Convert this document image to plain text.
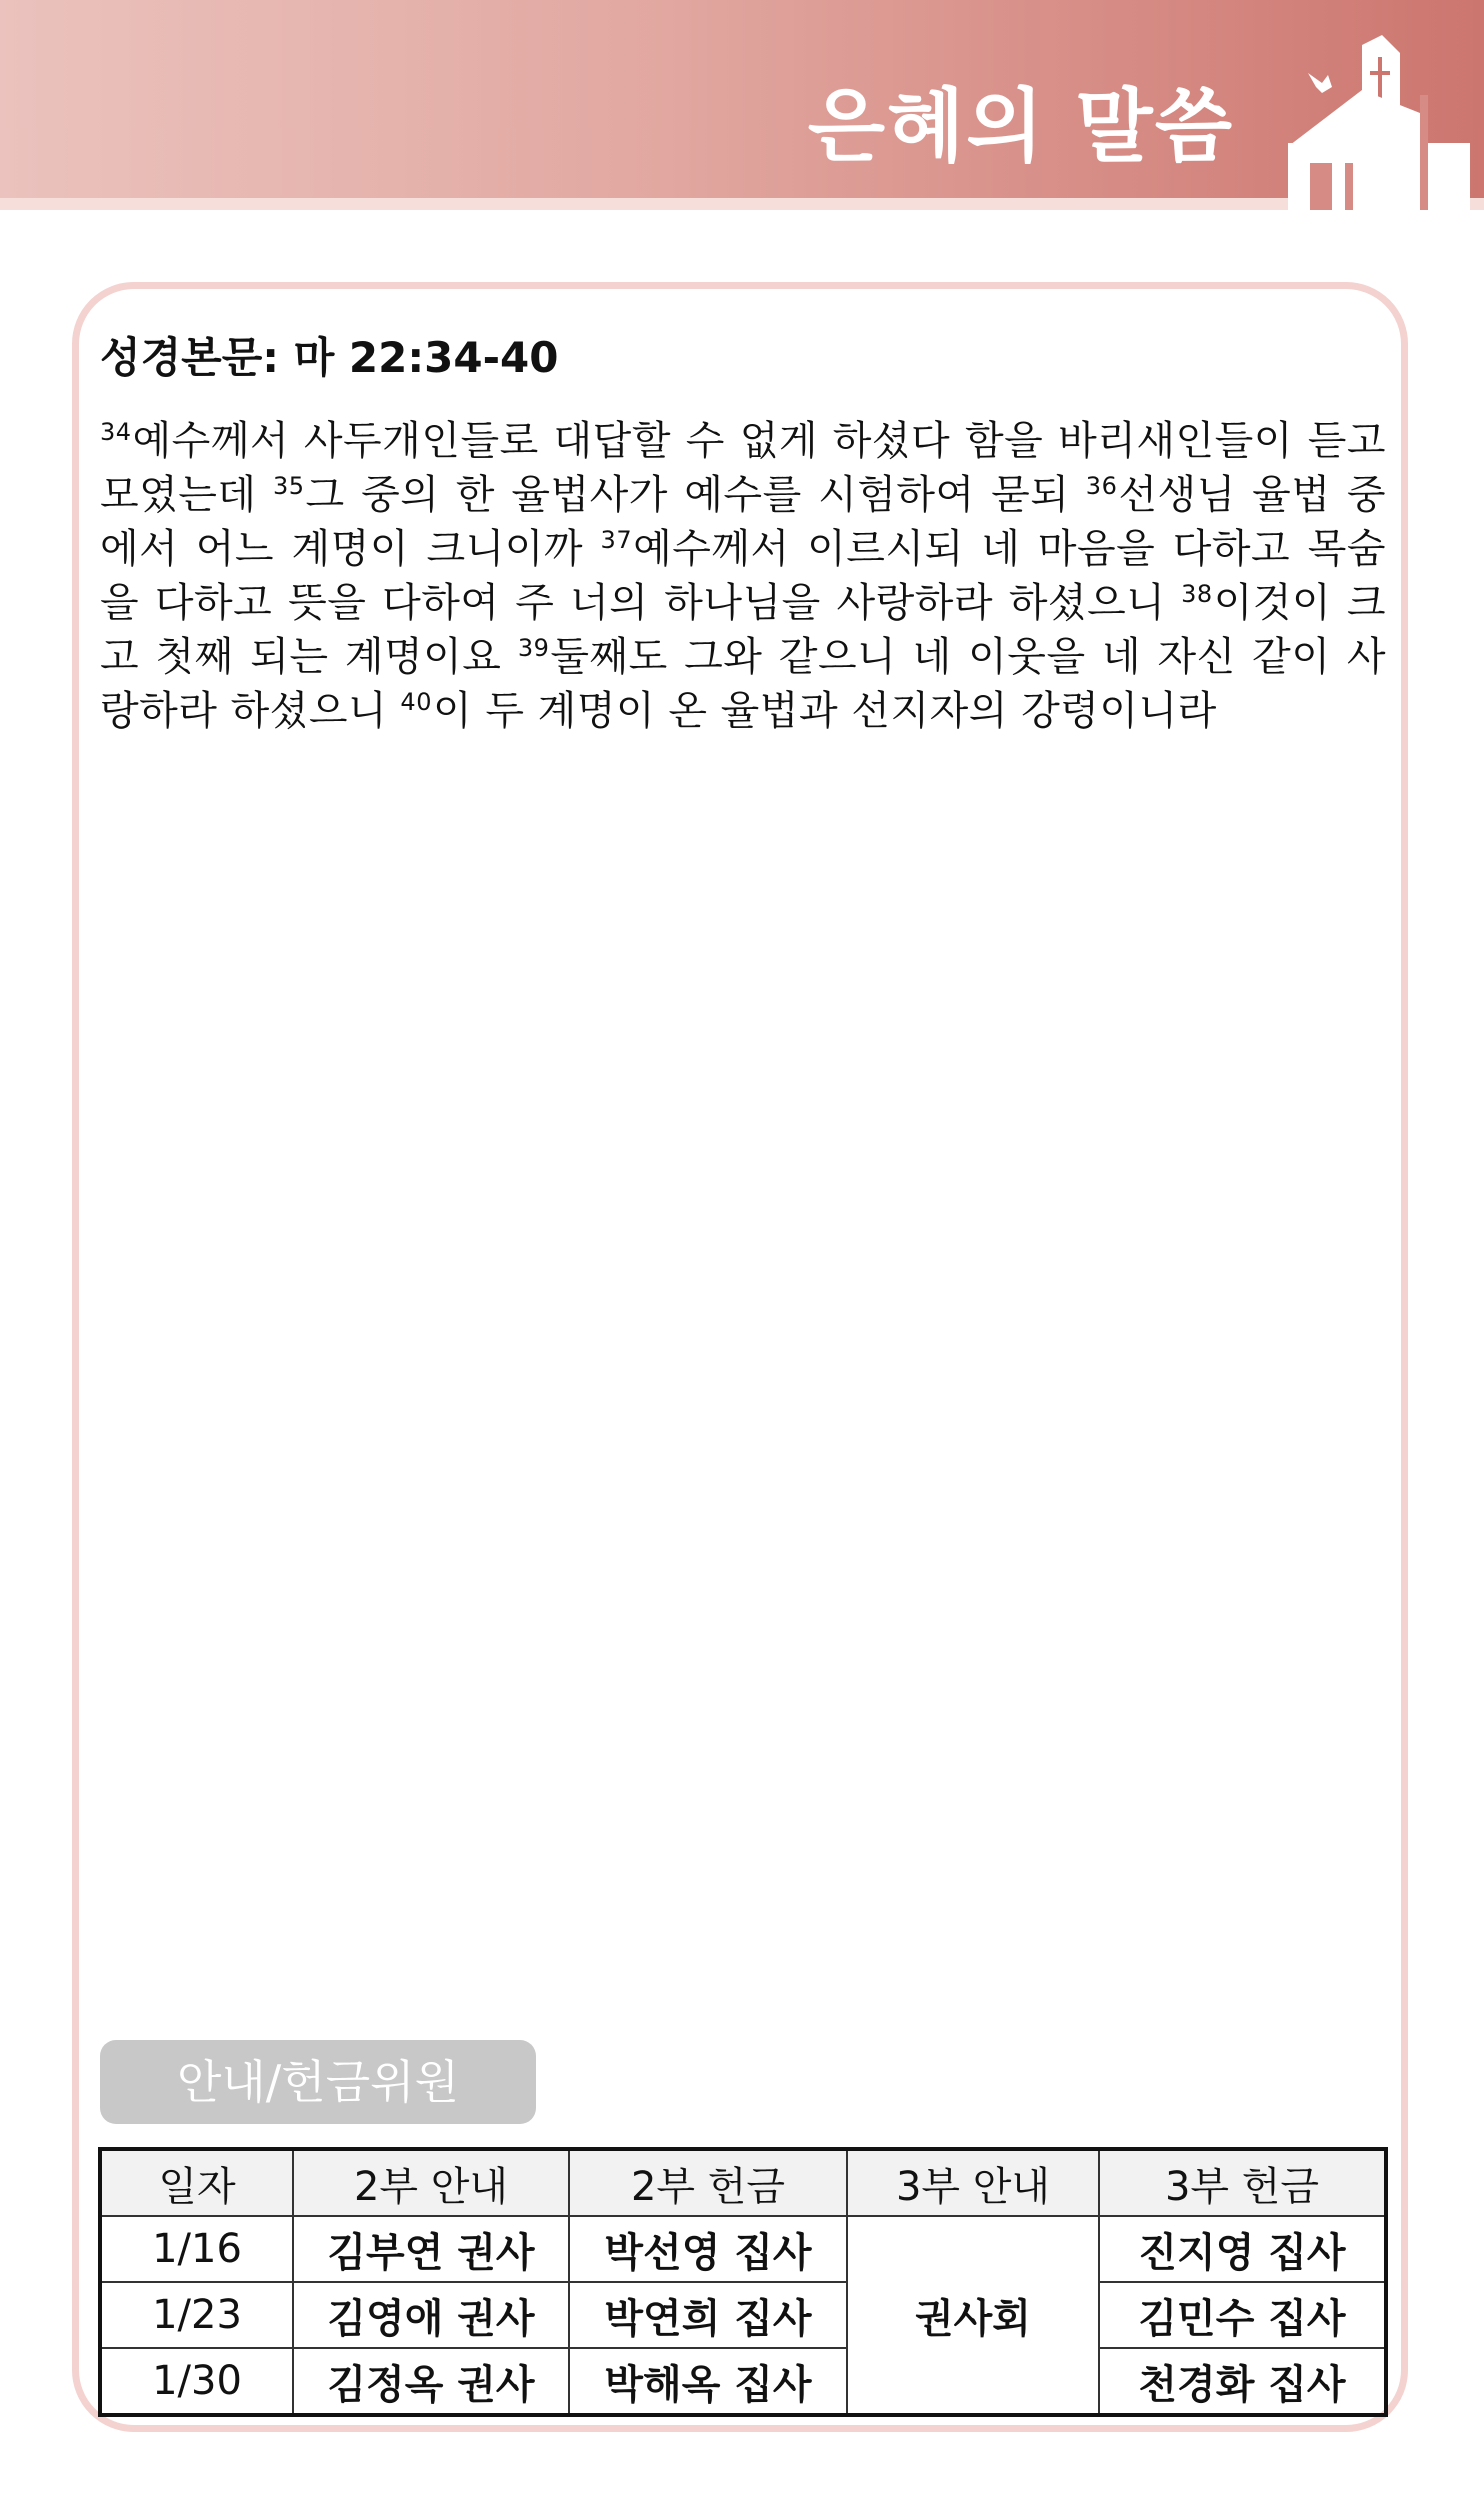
은혜의 말씀
성경본문: 마 22:34-40
$^{34}$예수께서 사두개인들로 대답할 수 없게 하셨다 함을 바리새인들이 듣고 모였는데 $^{35}$그 중의 한 율법사가 예수를 시험하여 묻되 $^{36}$선생님 율법 중에서 어느 계명이 크니이까 $^{37}$예수께서 이르시되 네 마음을 다하고 목숨을 다하고 뜻을 다하여 주 너의 하나님을 사랑하라 하셨으니 $^{38}$이것이 크고 첫째 되는 계명이요 $^{39}$둘째도 그와 같으니 네 이웃을 네 자신 같이 사랑하라 하셨으니 $^{40}$이 두 계명이 온 율법과 선지자의 강령이니라
안내/헌금위원
일자	2부 안내	2부 헌금	3부 안내	3부 헌금
1/16	김부연 권사	박선영 집사	권사회	진지영 집사
1/23	김영애 권사	박연희 집사		김민수 집사
1/30	김정옥 권사	박해옥 집사		천경화 집사
